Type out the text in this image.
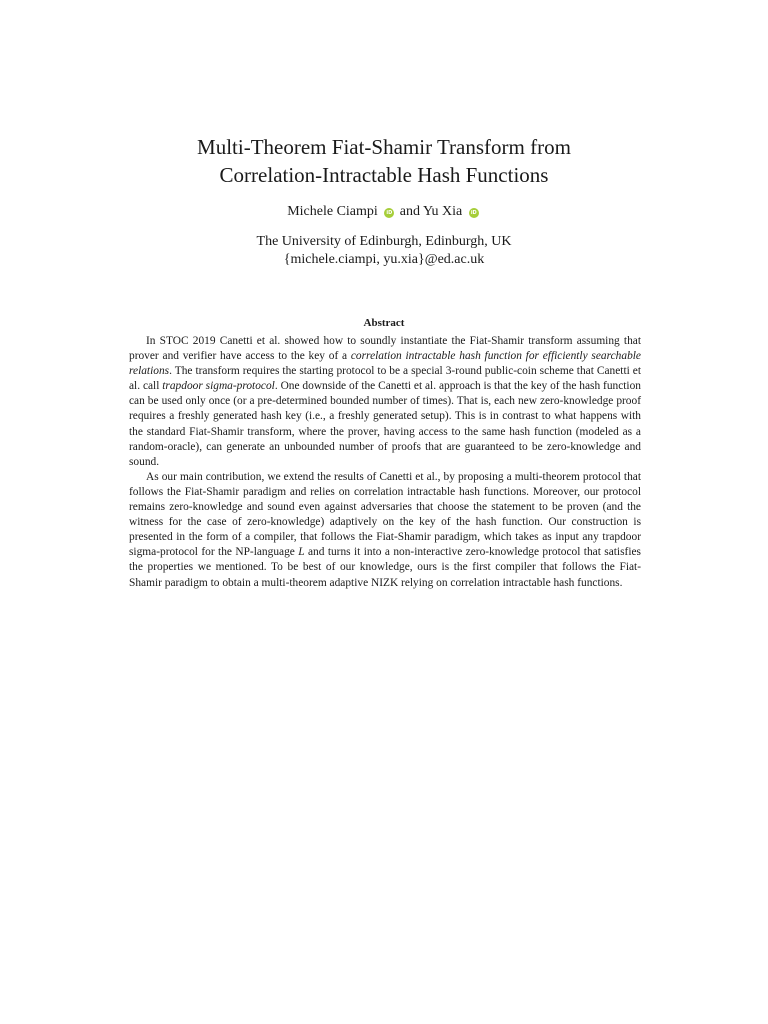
Multi-Theorem Fiat-Shamir Transform from
Correlation-Intractable Hash Functions
Michele Ciampi iD and Yu Xia iD
The University of Edinburgh, Edinburgh, UK
{michele.ciampi, yu.xia}@ed.ac.uk
Abstract

In STOC 2019 Canetti et al. showed how to soundly instantiate the Fiat-Shamir transform assuming that prover and verifier have access to the key of a correlation intractable hash function for efficiently searchable relations. The transform requires the starting protocol to be a special 3-round public-coin scheme that Canetti et al. call trapdoor sigma-protocol. One downside of the Canetti et al. approach is that the key of the hash function can be used only once (or a pre-determined bounded number of times). That is, each new zero-knowledge proof requires a freshly generated hash key (i.e., a freshly generated setup). This is in contrast to what happens with the standard Fiat-Shamir transform, where the prover, having access to the same hash function (modeled as a random-oracle), can generate an unbounded number of proofs that are guaranteed to be zero-knowledge and sound.

As our main contribution, we extend the results of Canetti et al., by proposing a multi-theorem protocol that follows the Fiat-Shamir paradigm and relies on correlation intractable hash functions. Moreover, our protocol remains zero-knowledge and sound even against adversaries that choose the statement to be proven (and the witness for the case of zero-knowledge) adaptively on the key of the hash function. Our construction is presented in the form of a compiler, that follows the Fiat-Shamir paradigm, which takes as input any trapdoor sigma-protocol for the NP-language L and turns it into a non-interactive zero-knowledge protocol that satisfies the properties we mentioned. To be best of our knowledge, ours is the first compiler that follows the Fiat-Shamir paradigm to obtain a multi-theorem adaptive NIZK relying on correlation intractable hash functions.
